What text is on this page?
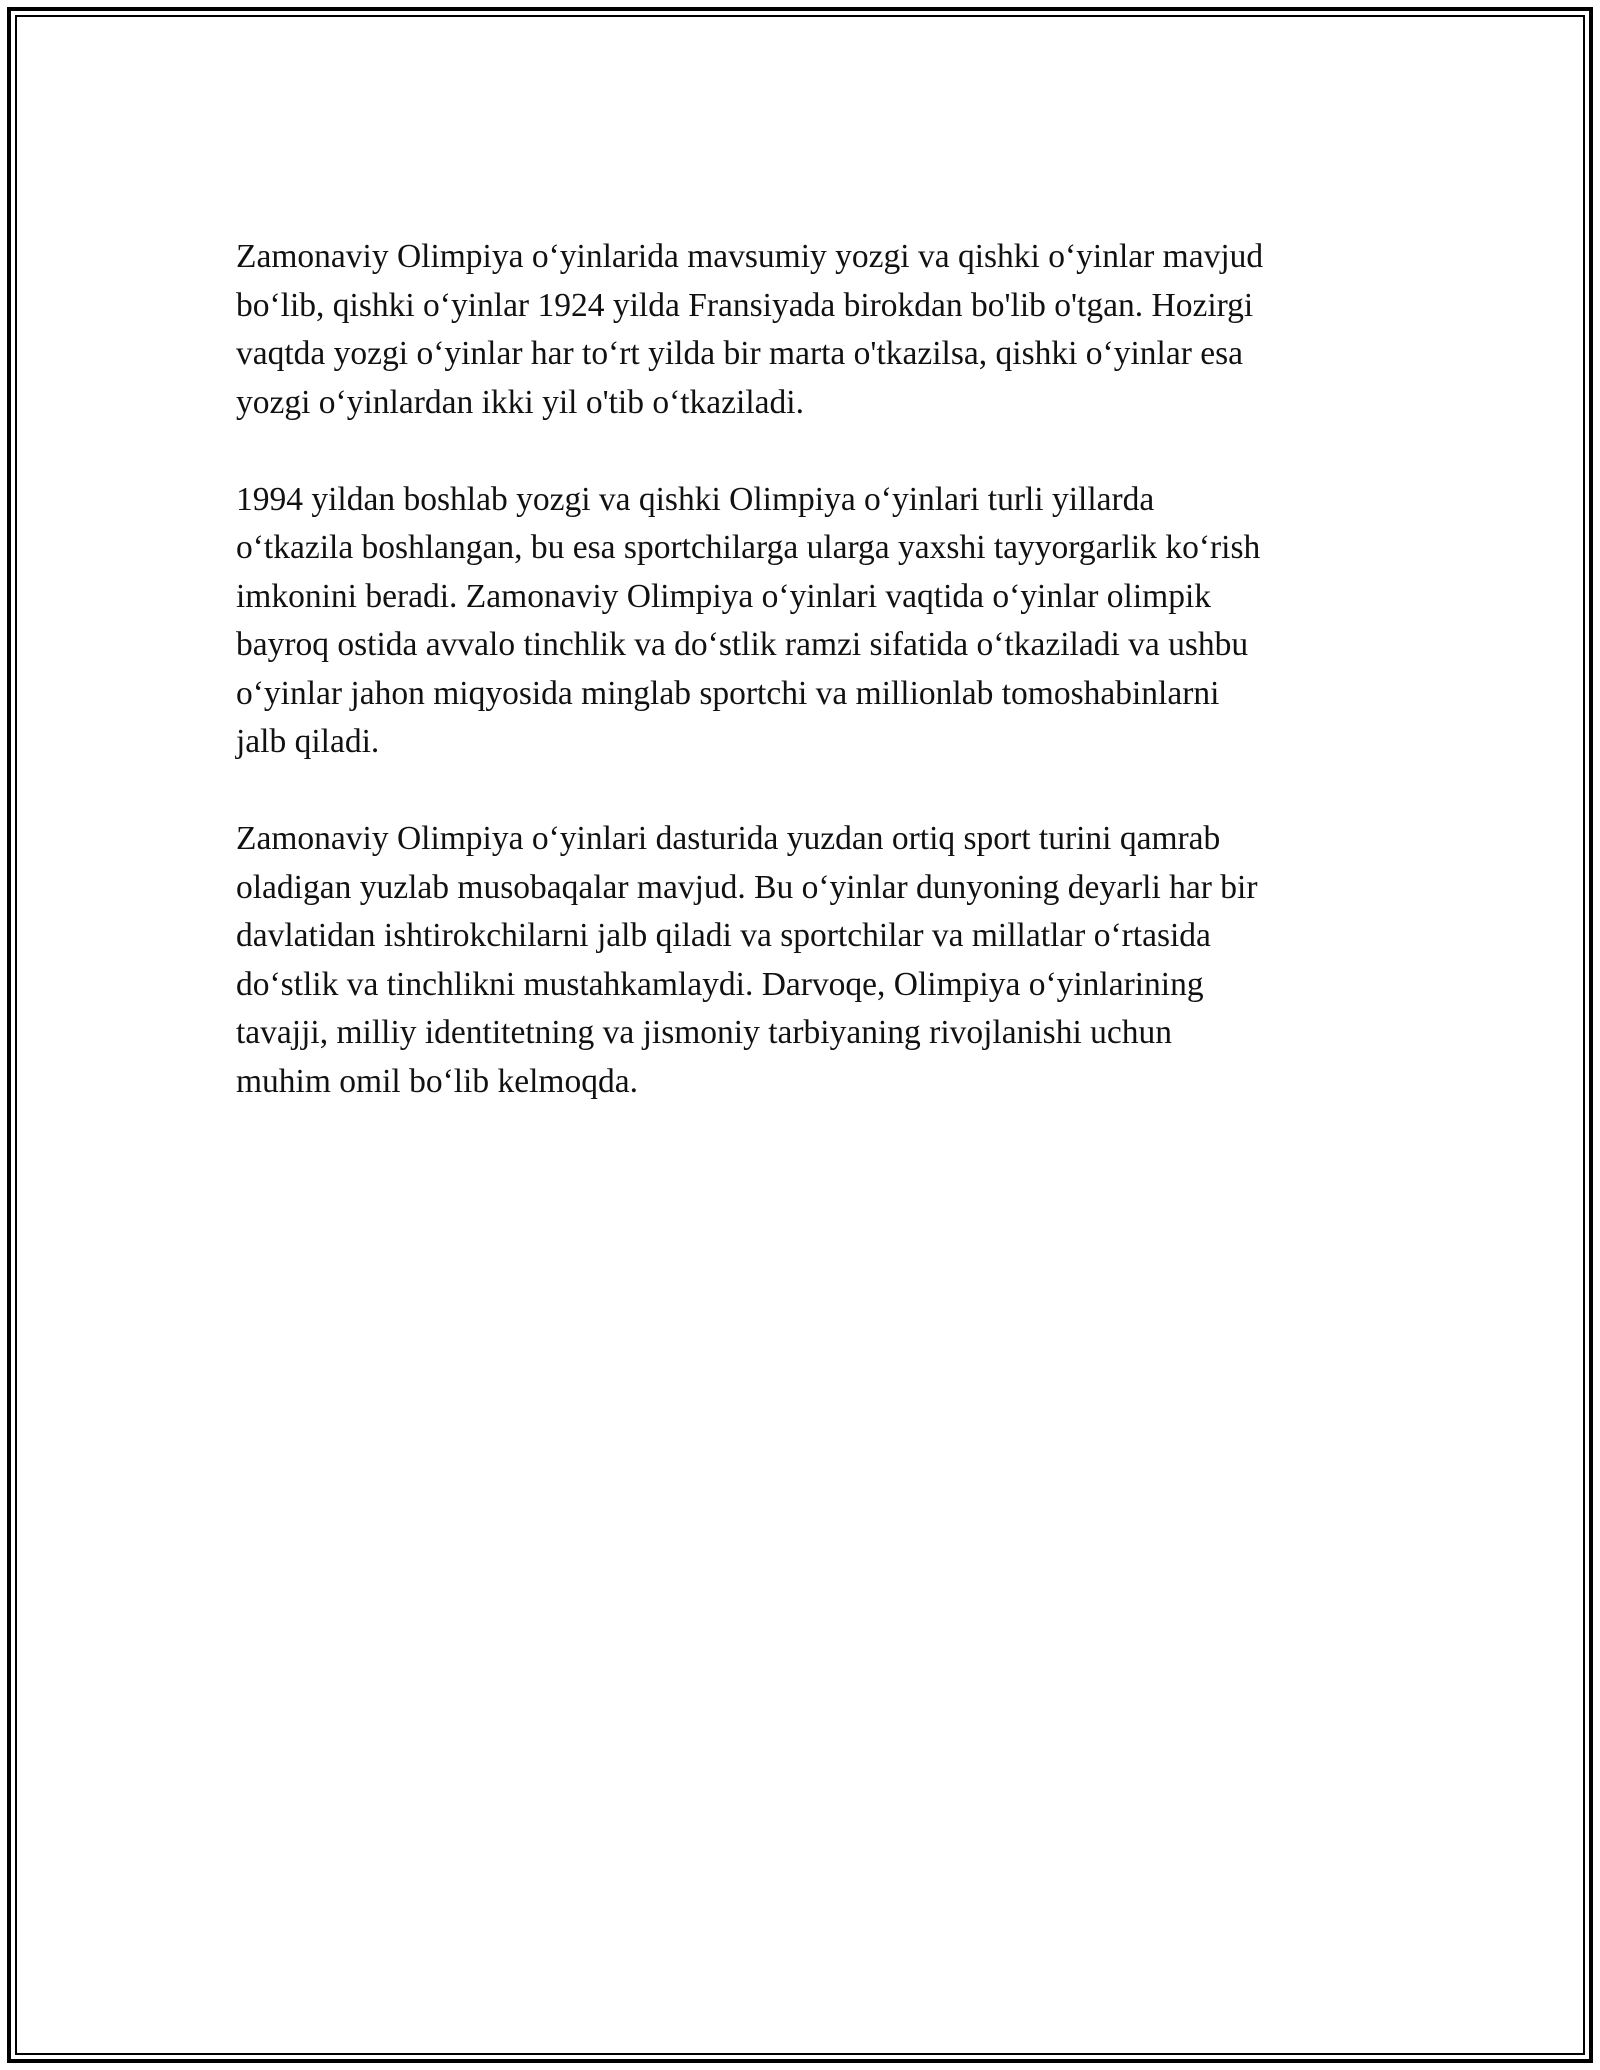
Zamonaviy Olimpiya o‘yinlarida mavsumiy yozgi va qishki o‘yinlar mavjud
bo‘lib, qishki o‘yinlar 1924 yilda Fransiyada birokdan bo'lib o'tgan. Hozirgi
vaqtda yozgi o‘yinlar har to‘rt yilda bir marta o'tkazilsa, qishki o‘yinlar esa
yozgi o‘yinlardan ikki yil o'tib o‘tkaziladi.

1994 yildan boshlab yozgi va qishki Olimpiya o‘yinlari turli yillarda
o‘tkazila boshlangan, bu esa sportchilarga ularga yaxshi tayyorgarlik ko‘rish
imkonini beradi. Zamonaviy Olimpiya o‘yinlari vaqtida o‘yinlar olimpik
bayroq ostida avvalo tinchlik va do‘stlik ramzi sifatida o‘tkaziladi va ushbu
o‘yinlar jahon miqyosida minglab sportchi va millionlab tomoshabinlarni
jalb qiladi.

Zamonaviy Olimpiya o‘yinlari dasturida yuzdan ortiq sport turini qamrab
oladigan yuzlab musobaqalar mavjud. Bu o‘yinlar dunyoning deyarli har bir
davlatidan ishtirokchilarni jalb qiladi va sportchilar va millatlar o‘rtasida
do‘stlik va tinchlikni mustahkamlaydi. Darvoqe, Olimpiya o‘yinlarining
tavajji, milliy identitetning va jismoniy tarbiyaning rivojlanishi uchun
muhim omil bo‘lib kelmoqda.
